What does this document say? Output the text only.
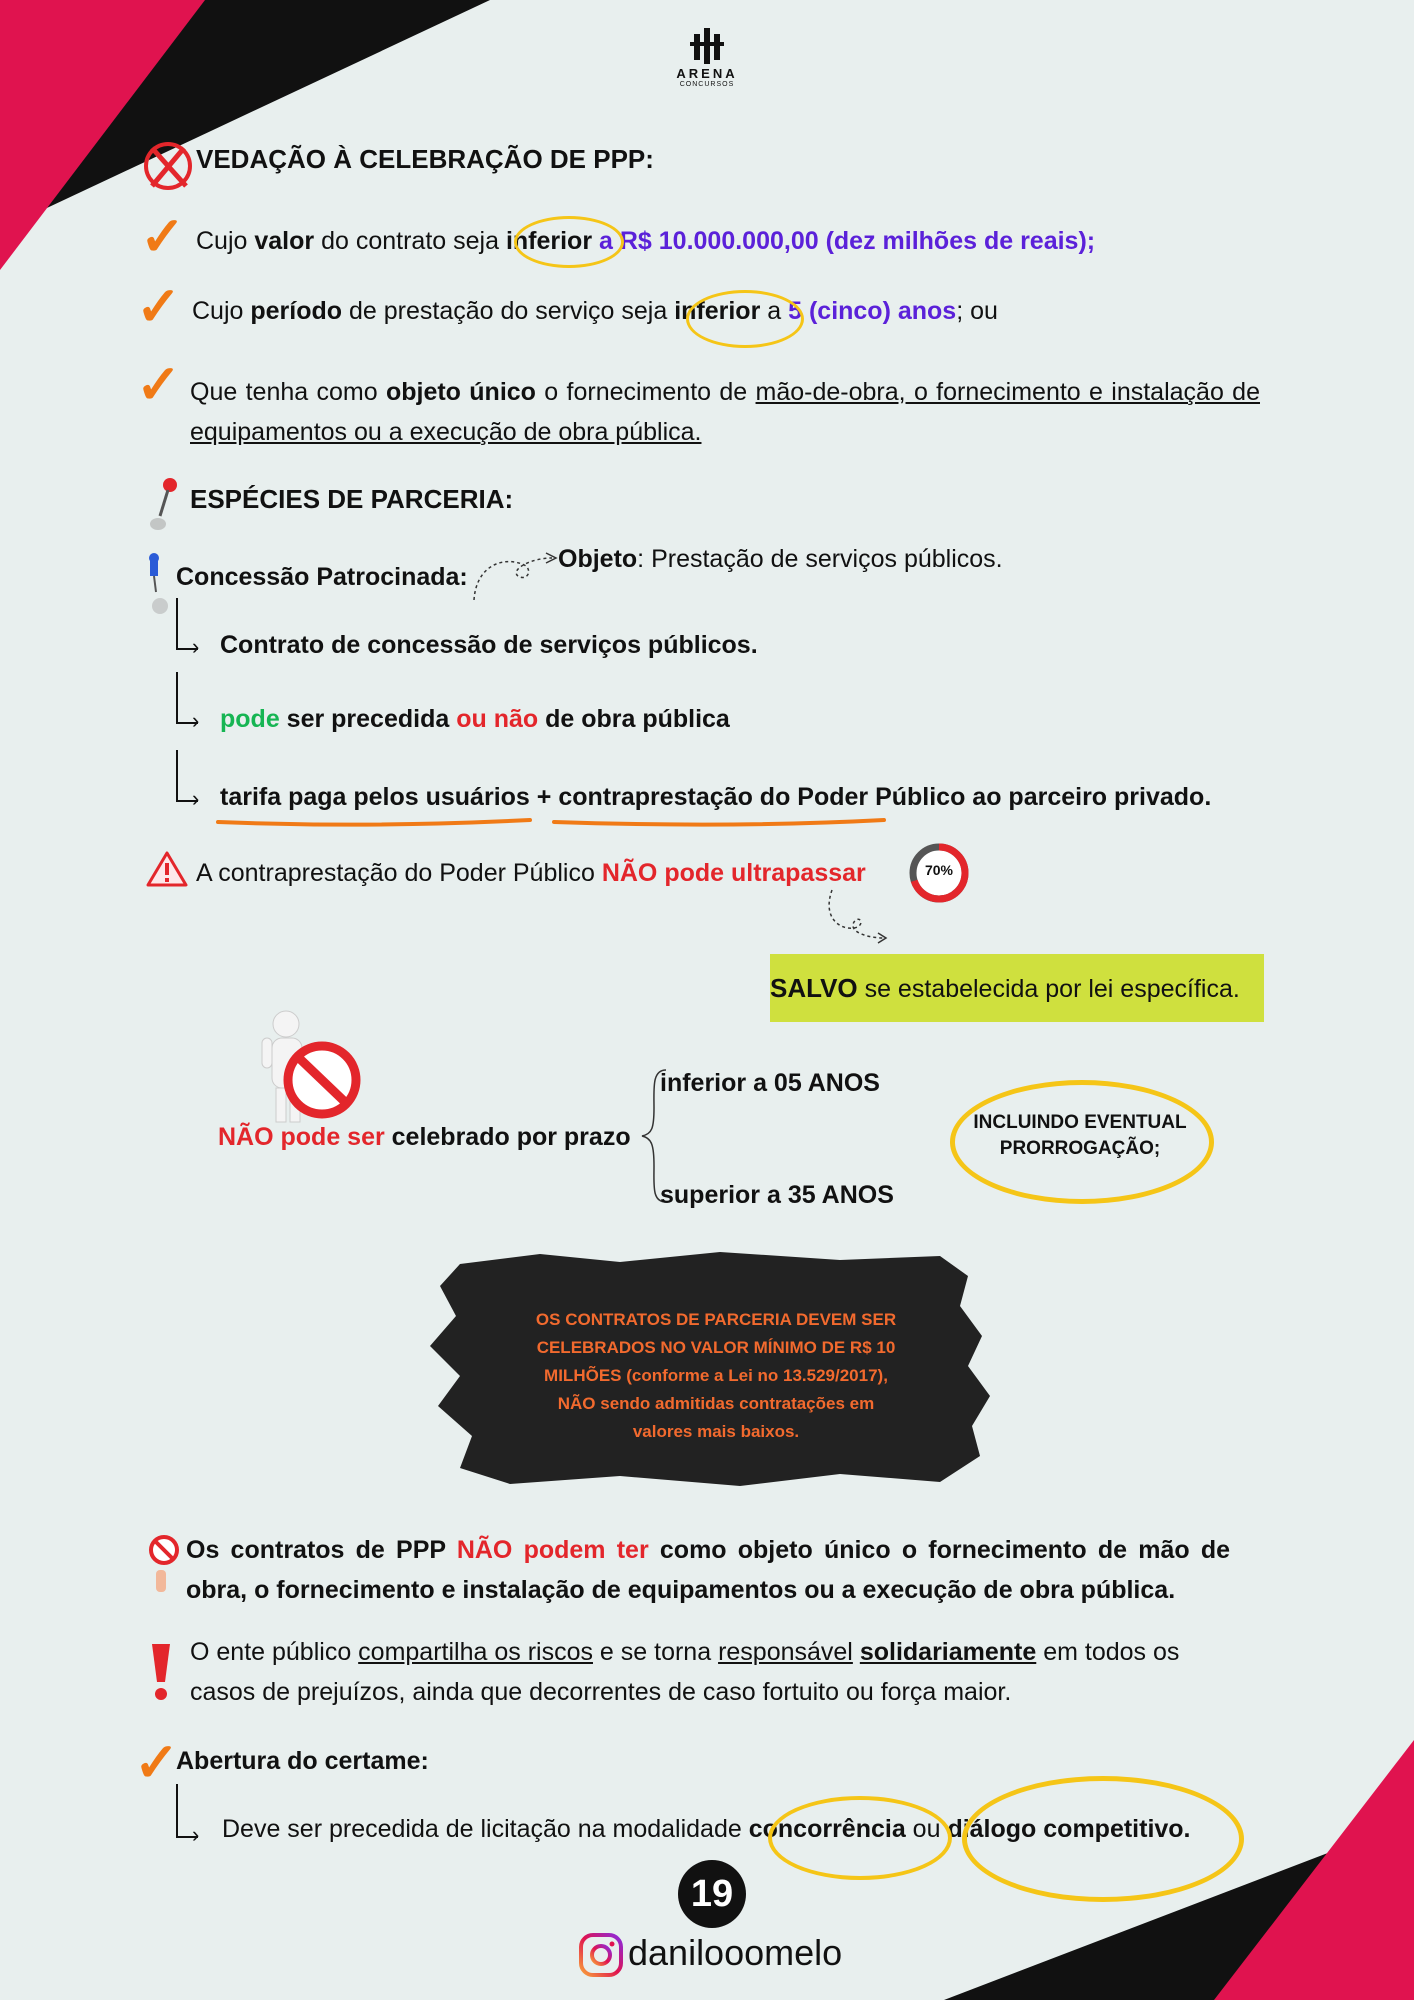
ARENA
CONCURSOS
VEDAÇÃO À CELEBRAÇÃO DE PPP:
✓ Cujo valor do contrato seja inferior a R$ 10.000.000,00 (dez milhões de reais);
✓ Cujo período de prestação do serviço seja inferior a 5 (cinco) anos; ou
✓ Que tenha como objeto único o fornecimento de mão-de-obra, o fornecimento e instalação de equipamentos ou a execução de obra pública.
ESPÉCIES DE PARCERIA:
Concessão Patrocinada:
Objeto: Prestação de serviços públicos.
› Contrato de concessão de serviços públicos.
› pode ser precedida ou não de obra pública
› tarifa paga pelos usuários + contraprestação do Poder Público ao parceiro privado.
A contraprestação do Poder Público NÃO pode ultrapassar	70%
SALVO se estabelecida por lei específica.
NÃO pode ser celebrado por prazo
inferior a 05 ANOS
superior a 35 ANOS
INCLUINDO EVENTUAL PRORROGAÇÃO;
OS CONTRATOS DE PARCERIA DEVEM SER CELEBRADOS NO VALOR MÍNIMO DE R$ 10 MILHÕES (conforme a Lei no 13.529/2017), NÃO sendo admitidas contratações em valores mais baixos.
Os contratos de PPP NÃO podem ter como objeto único o fornecimento de mão de obra, o fornecimento e instalação de equipamentos ou a execução de obra pública.
O ente público compartilha os riscos e se torna responsável solidariamente em todos os casos de prejuízos, ainda que decorrentes de caso fortuito ou força maior.
✓
Abertura do certame:
› Deve ser precedida de licitação na modalidade concorrência ou diálogo competitivo.
19
danilooomelo
